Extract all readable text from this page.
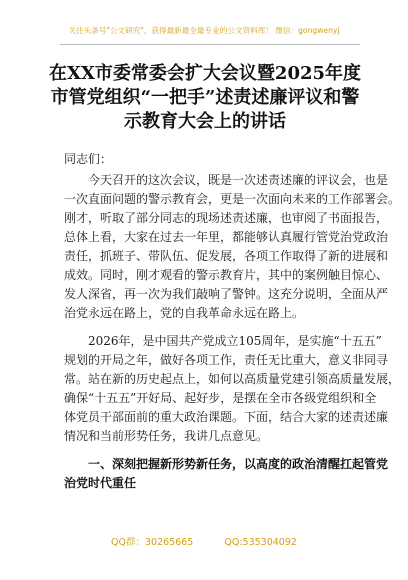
关注头条号"公文研究"，获得最新最全最专业的公文资料库！ 微信：gongwenyj
在XX市委常委会扩大会议暨2025年度
市管党组织“一把手”述责述廉评议和警
示教育大会上的讲话
同志们：
今天召开的这次会议，既是一次述责述廉的评议会，也是
一次直面问题的警示教育会，更是一次面向未来的工作部署会。
刚才，听取了部分同志的现场述责述廉，也审阅了书面报告，
总体上看，大家在过去一年里，都能够认真履行管党治党政治
责任，抓班子、带队伍、促发展，各项工作取得了新的进展和
成效。同时，刚才观看的警示教育片，其中的案例触目惊心、
发人深省，再一次为我们敲响了警钟。这充分说明，全面从严
治党永远在路上，党的自我革命永远在路上。
2026年，是中国共产党成立105周年，是实施“十五五”
规划的开局之年，做好各项工作，责任无比重大，意义非同寻
常。站在新的历史起点上，如何以高质量党建引领高质量发展，
确保“十五五”开好局、起好步，是摆在全市各级党组织和全
体党员干部面前的重大政治课题。下面，结合大家的述责述廉
情况和当前形势任务，我讲几点意见。
一、深刻把握新形势新任务，以高度的政治清醒扛起管党
治党时代重任
QQ群：30265665	QQ:535304092
